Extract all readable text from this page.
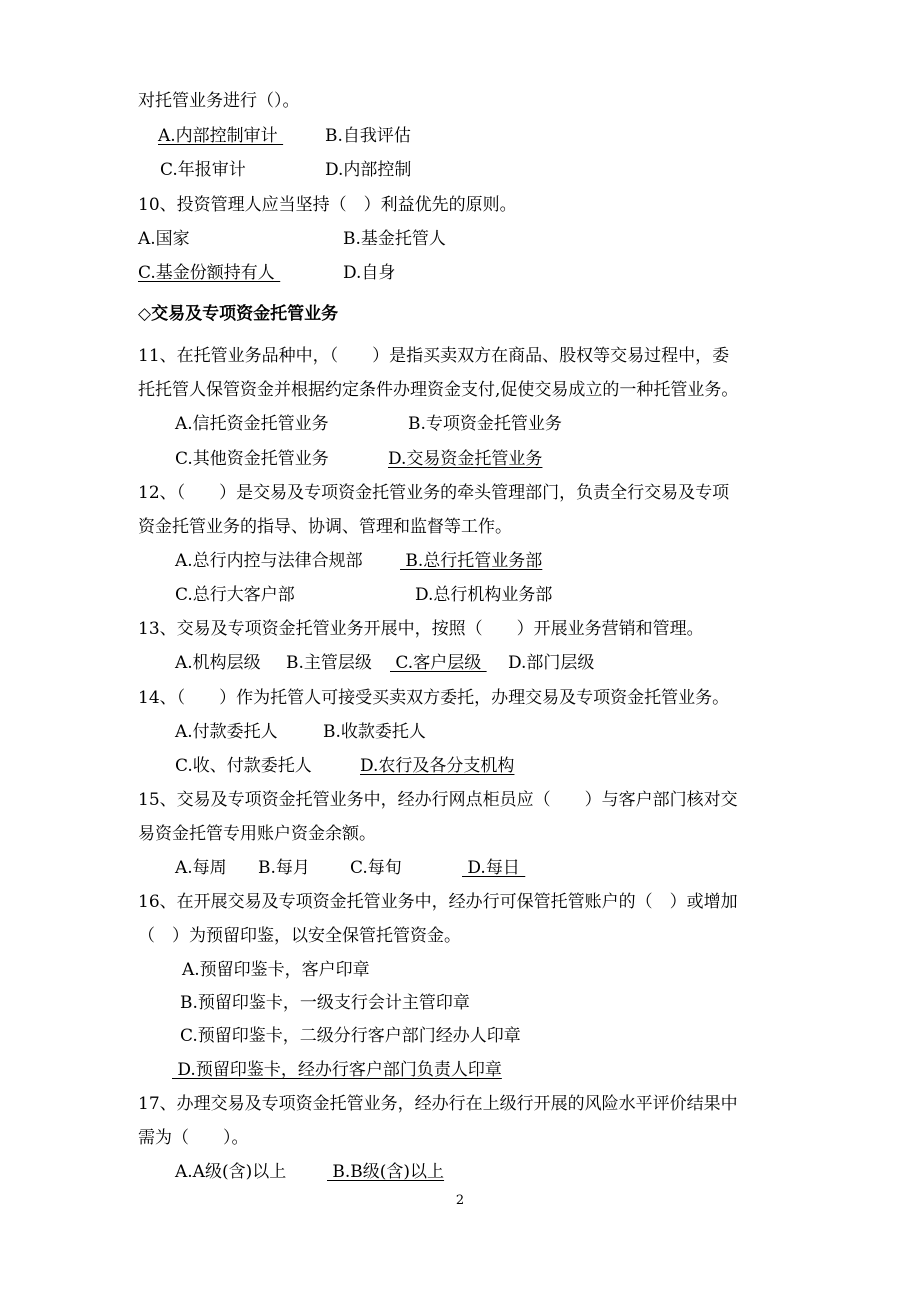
对托管业务进行（）。
A.内部控制审计 B.自我评估
C.年报审计	D.内部控制
10、投资管理人应当坚持（　）利益优先的原则。
A.国家	B.基金托管人
C.基金份额持有人	D.自身
◇交易及专项资金托管业务
11、在托管业务品种中，（　　）是指买卖双方在商品、股权等交易过程中，委
托托管人保管资金并根据约定条件办理资金支付,促使交易成立的一种托管业务。
A.信托资金托管业务	B.专项资金托管业务
C.其他资金托管业务	D.交易资金托管业务
12、（　　）是交易及专项资金托管业务的牵头管理部门，负责全行交易及专项
资金托管业务的指导、协调、管理和监督等工作。
A.总行内控与法律合规部 B.总行托管业务部
C.总行大客户部	D.总行机构业务部
13、交易及专项资金托管业务开展中，按照（　　）开展业务营销和管理。
A.机构层级 B.主管层级 C.客户层级 D.部门层级
14、（　　）作为托管人可接受买卖双方委托，办理交易及专项资金托管业务。
A.付款委托人	B.收款委托人
C.收、付款委托人	D.农行及各分支机构
15、交易及专项资金托管业务中，经办行网点柜员应（　　）与客户部门核对交
易资金托管专用账户资金余额。
A.每周 B.每月 C.每旬	D.每日
16、在开展交易及专项资金托管业务中，经办行可保管托管账户的（　）或增加
（　）为预留印鉴，以安全保管托管资金。
A.预留印鉴卡，客户印章
B.预留印鉴卡，一级支行会计主管印章
C.预留印鉴卡，二级分行客户部门经办人印章
D.预留印鉴卡，经办行客户部门负责人印章
17、办理交易及专项资金托管业务，经办行在上级行开展的风险水平评价结果中
需为（　　）。
A.A级(含)以上 B.B级(含)以上
2
